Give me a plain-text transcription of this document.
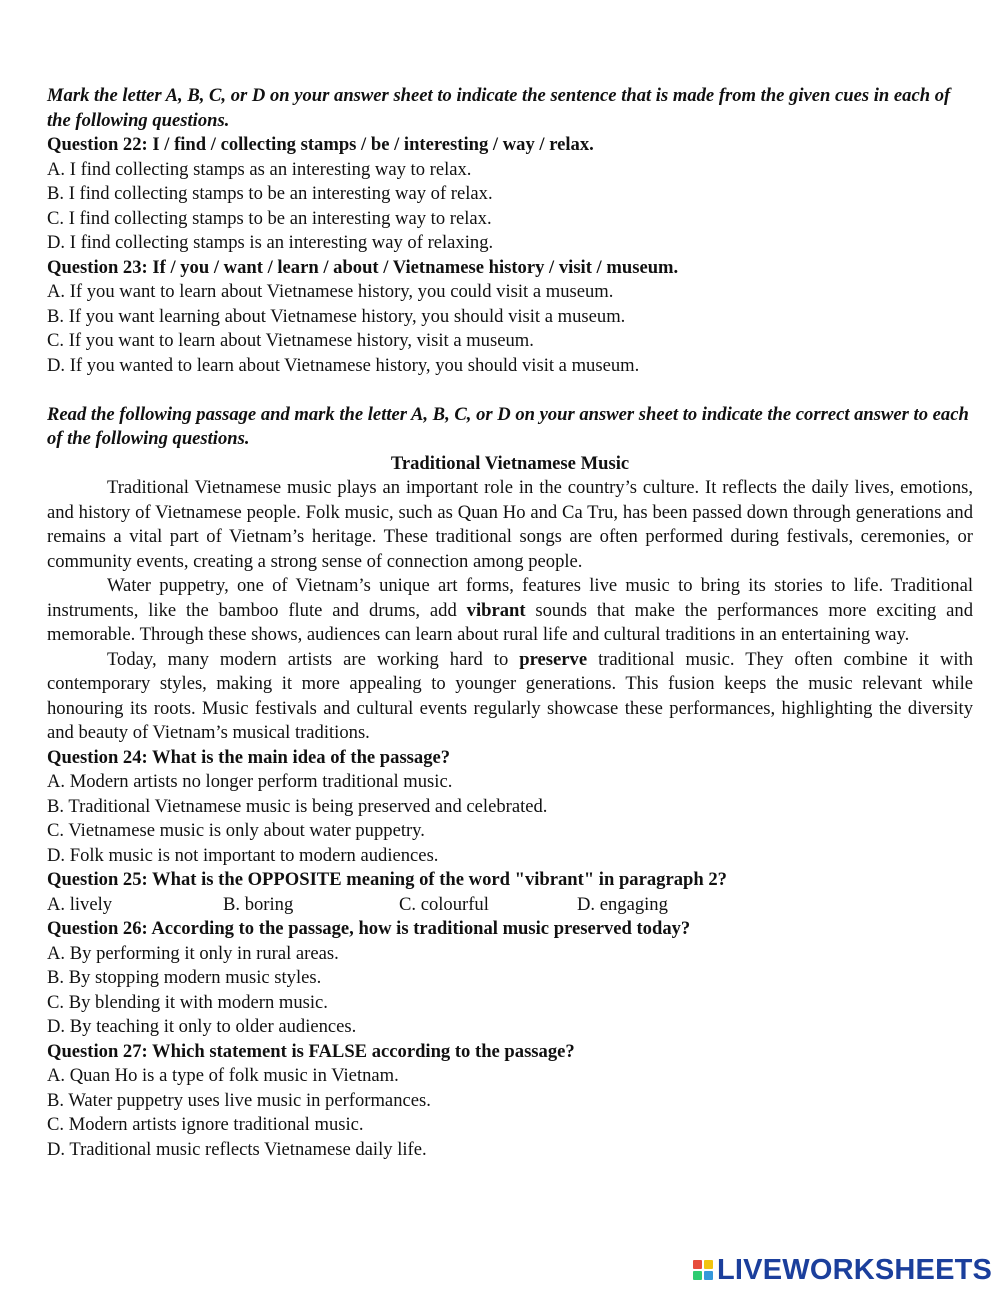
Mark the letter A, B, C, or D on your answer sheet to indicate the sentence that is made from the given cues in each of the following questions.
Question 22: I / find / collecting stamps / be / interesting / way / relax.
A. I find collecting stamps as an interesting way to relax.
B. I find collecting stamps to be an interesting way of relax.
C. I find collecting stamps to be an interesting way to relax.
D. I find collecting stamps is an interesting way of relaxing.
Question 23: If / you / want / learn / about / Vietnamese history / visit / museum.
A. If you want to learn about Vietnamese history, you could visit a museum.
B. If you want learning about Vietnamese history, you should visit a museum.
C. If you want to learn about Vietnamese history, visit a museum.
D. If you wanted to learn about Vietnamese history, you should visit a museum.
Read the following passage and mark the letter A, B, C, or D on your answer sheet to indicate the correct answer to each of the following questions.
Traditional Vietnamese Music
Traditional Vietnamese music plays an important role in the country’s culture. It reflects the daily lives, emotions, and history of Vietnamese people. Folk music, such as Quan Ho and Ca Tru, has been passed down through generations and remains a vital part of Vietnam’s heritage. These traditional songs are often performed during festivals, ceremonies, or community events, creating a strong sense of connection among people.
Water puppetry, one of Vietnam’s unique art forms, features live music to bring its stories to life. Traditional instruments, like the bamboo flute and drums, add vibrant sounds that make the performances more exciting and memorable. Through these shows, audiences can learn about rural life and cultural traditions in an entertaining way.
Today, many modern artists are working hard to preserve traditional music. They often combine it with contemporary styles, making it more appealing to younger generations. This fusion keeps the music relevant while honouring its roots. Music festivals and cultural events regularly showcase these performances, highlighting the diversity and beauty of Vietnam’s musical traditions.
Question 24: What is the main idea of the passage?
A. Modern artists no longer perform traditional music.
B. Traditional Vietnamese music is being preserved and celebrated.
C. Vietnamese music is only about water puppetry.
D. Folk music is not important to modern audiences.
Question 25: What is the OPPOSITE meaning of the word "vibrant" in paragraph 2?
A. lively	B. boring	C. colourful	D. engaging
Question 26: According to the passage, how is traditional music preserved today?
A. By performing it only in rural areas.
B. By stopping modern music styles.
C. By blending it with modern music.
D. By teaching it only to older audiences.
Question 27: Which statement is FALSE according to the passage?
A. Quan Ho is a type of folk music in Vietnam.
B. Water puppetry uses live music in performances.
C. Modern artists ignore traditional music.
D. Traditional music reflects Vietnamese daily life.
LIVEWORKSHEETS
